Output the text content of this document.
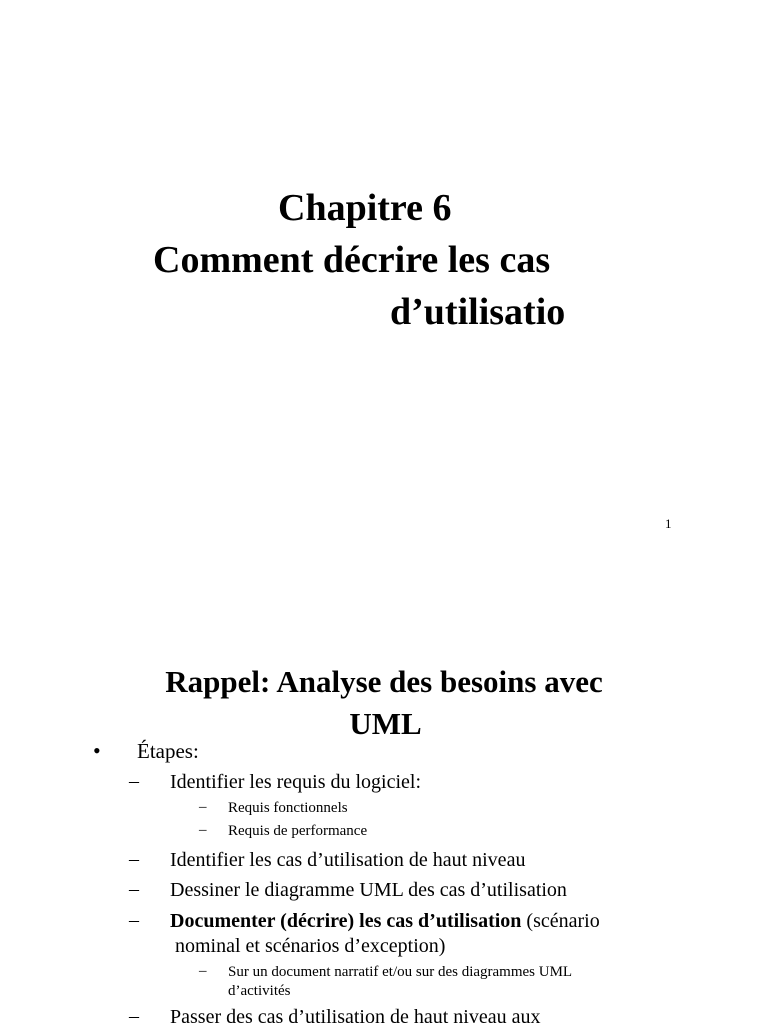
Chapitre 6
Comment décrire les cas
d’utilisatio
1
Rappel: Analyse des besoins avec
UML
• Étapes:
– Identifier les requis du logiciel:
– Requis fonctionnels
– Requis de performance
– Identifier les cas d’utilisation de haut niveau
– Dessiner le diagramme UML des cas d’utilisation
– Documenter (décrire) les cas d’utilisation (scénario
nominal et scénarios d’exception)
– Sur un document narratif et/ou sur des diagrammes UML
d’activités
– Passer des cas d’utilisation de haut niveau aux
